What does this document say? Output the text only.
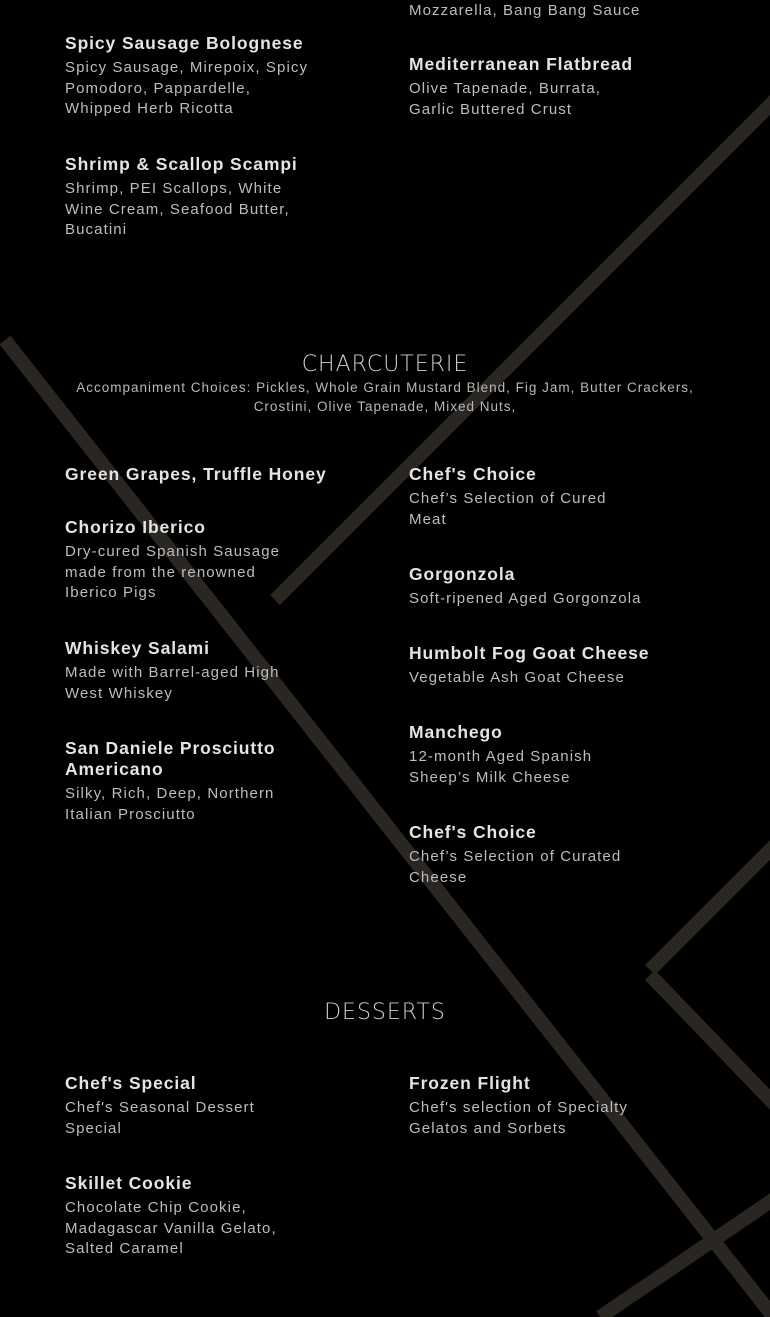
Spicy Sausage Bolognese
Spicy Sausage, Mirepoix, Spicy Pomodoro, Pappardelle, Whipped Herb Ricotta
Shrimp & Scallop Scampi
Shrimp, PEI Scallops, White Wine Cream, Seafood Butter, Bucatini
Mozzarella, Bang Bang Sauce
Mediterranean Flatbread
Olive Tapenade, Burrata, Garlic Buttered Crust
CHARCUTERIE
Accompaniment Choices: Pickles, Whole Grain Mustard Blend, Fig Jam, Butter Crackers, Crostini, Olive Tapenade, Mixed Nuts,
Green Grapes, Truffle Honey
Chorizo Iberico
Dry-cured Spanish Sausage made from the renowned Iberico Pigs
Whiskey Salami
Made with Barrel-aged High West Whiskey
San Daniele Prosciutto Americano
Silky, Rich, Deep, Northern Italian Prosciutto
Chef's Choice
Chef’s Selection of Cured Meat
Gorgonzola
Soft-ripened Aged Gorgonzola
Humbolt Fog Goat Cheese
Vegetable Ash Goat Cheese
Manchego
12-month Aged Spanish Sheep’s Milk Cheese
Chef's Choice
Chef’s Selection of Curated Cheese
DESSERTS
Chef's Special
Chef's Seasonal Dessert Special
Skillet Cookie
Chocolate Chip Cookie, Madagascar Vanilla Gelato, Salted Caramel
Frozen Flight
Chef's selection of Specialty Gelatos and Sorbets
